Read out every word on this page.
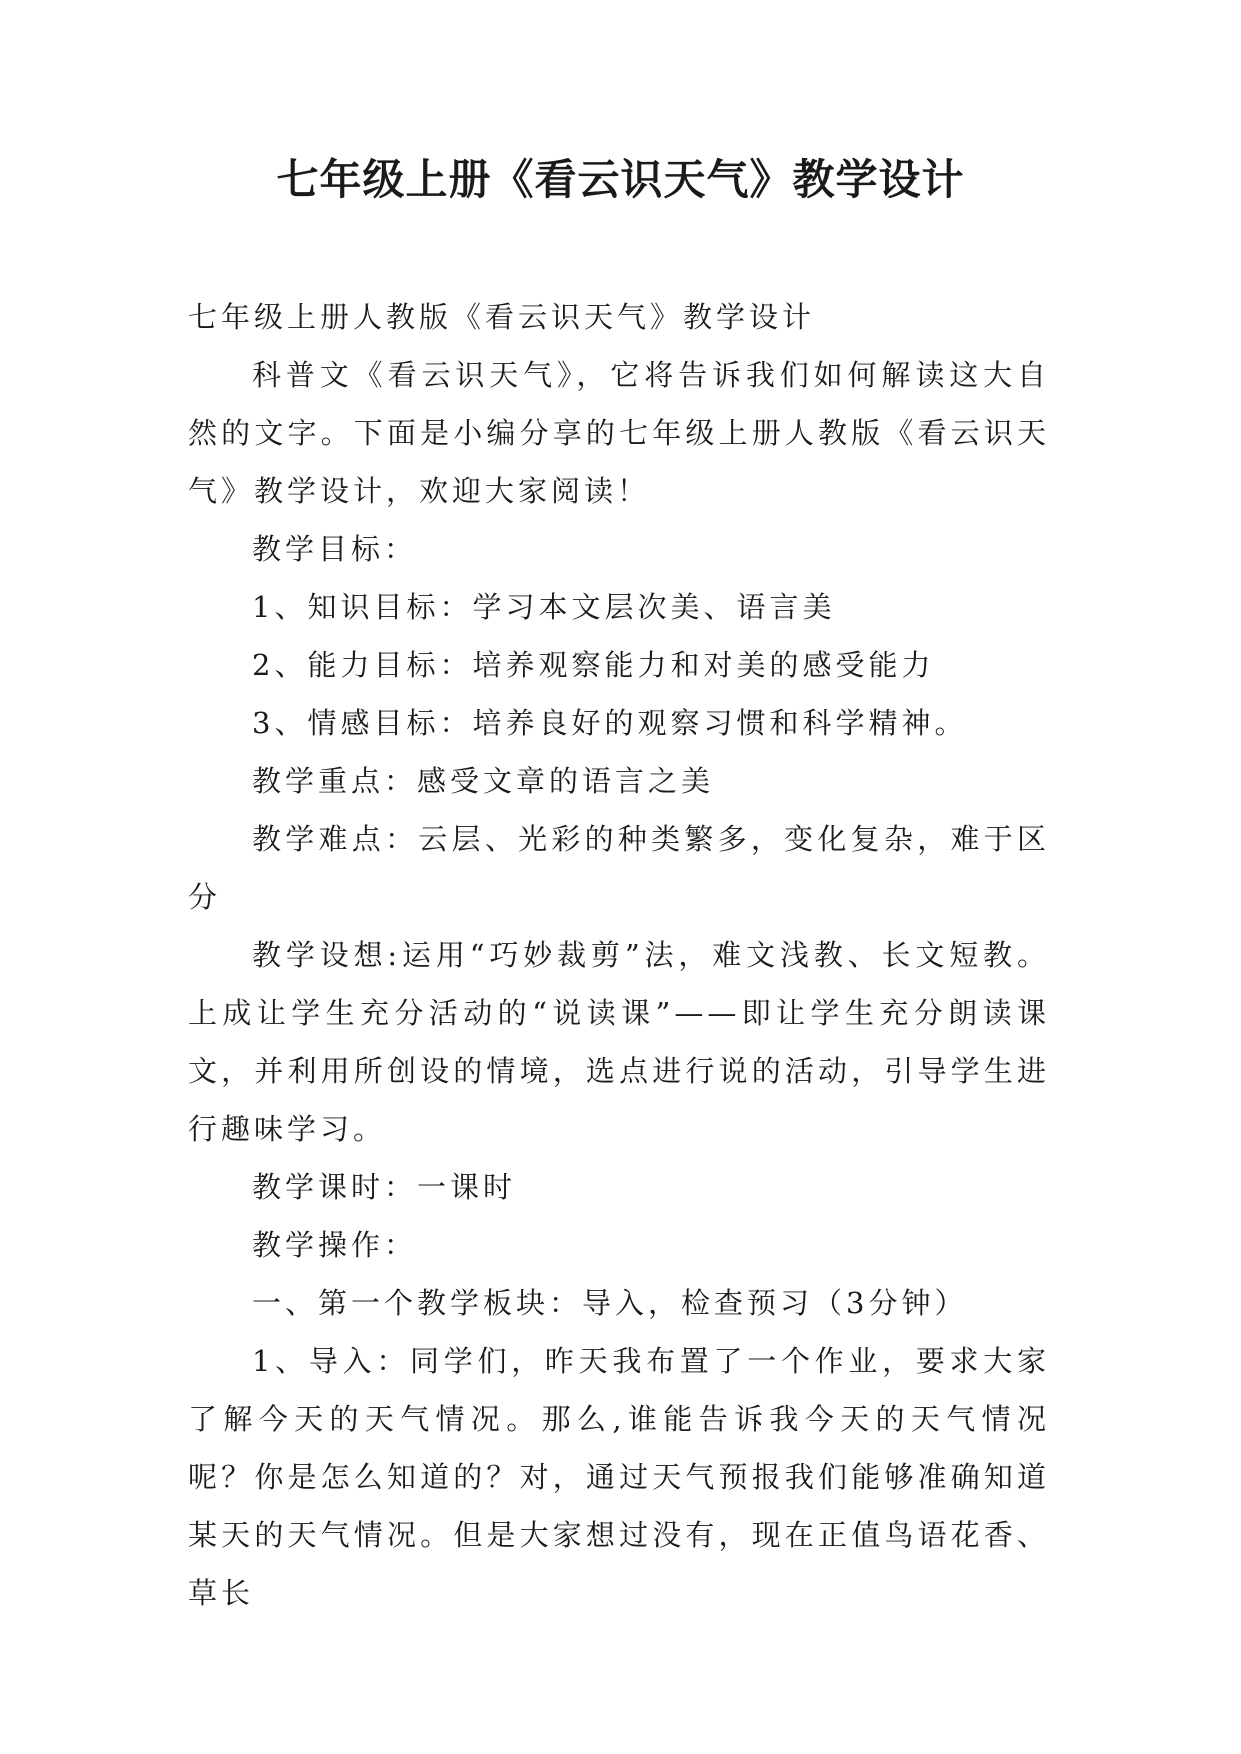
七年级上册《看云识天气》教学设计

七年级上册人教版《看云识天气》教学设计

科普文《看云识天气》，它将告诉我们如何解读这大自然的文字。下面是小编分享的七年级上册人教版《看云识天气》教学设计，欢迎大家阅读！

教学目标：

1、知识目标：学习本文层次美、语言美

2、能力目标：培养观察能力和对美的感受能力

3、情感目标：培养良好的观察习惯和科学精神。

教学重点：感受文章的语言之美

教学难点：云层、光彩的种类繁多，变化复杂，难于区分

教学设想:运用“巧妙裁剪”法，难文浅教、长文短教。上成让学生充分活动的“说读课”——即让学生充分朗读课文，并利用所创设的情境，选点进行说的活动，引导学生进行趣味学习。

教学课时：一课时

教学操作：

一、第一个教学板块：导入，检查预习（3分钟）

1、导入：同学们，昨天我布置了一个作业，要求大家了解今天的天气情况。那么,谁能告诉我今天的天气情况呢？你是怎么知道的？对，通过天气预报我们能够准确知道某天的天气情况。但是大家想过没有，现在正值鸟语花香、草长
